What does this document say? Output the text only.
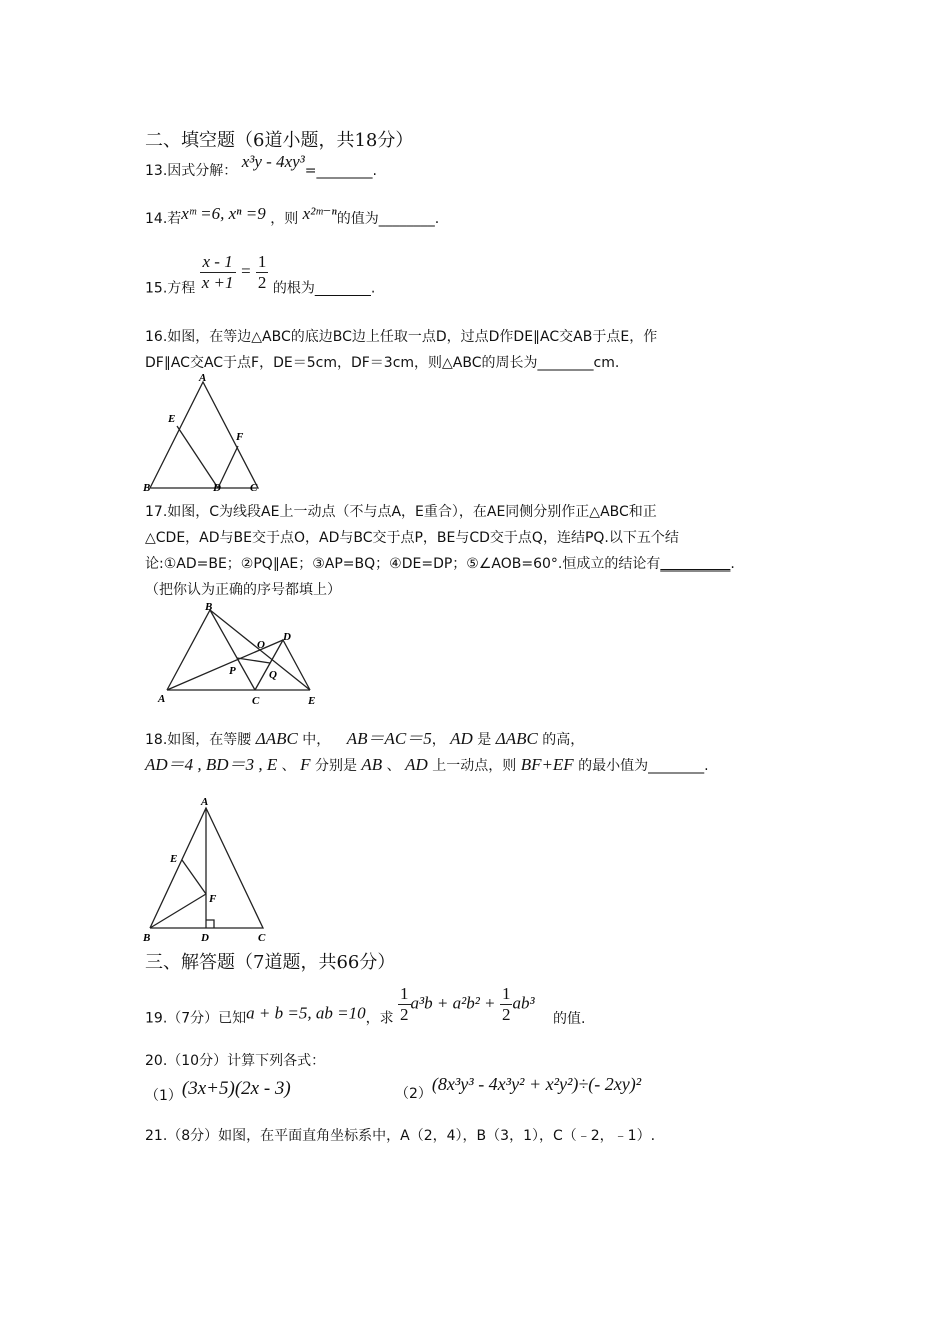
二、填空题（6道小题，共18分）
13.因式分解： x³y - 4xy³=________.
14.若xᵐ =6, xⁿ =9 ，则 x²ᵐ⁻ⁿ的值为________.
15.方程 $\frac{x - 1}{x +1} = \frac{1}{2}$ 的根为________.
16.如图，在等边△ABC的底边BC边上任取一点D，过点D作DE∥AC交AB于点E，作
DF∥AC交AC于点F，DE＝5cm，DF＝3cm，则△ABC的周长为________cm.
A
B	C
D
E
F
17.如图，C为线段AE上一动点（不与点A，E重合），在AE同侧分别作正△ABC和正
△CDE，AD与BE交于点O，AD与BC交于点P，BE与CD交于点Q，连结PQ.以下五个结
论:①AD=BE；②PQ∥AE；③AP=BQ；④DE=DP；⑤∠AOB=60°.恒成立的结论有__________.
（把你认为正确的序号都填上）
A
B
C
D
E
O
P	Q
18.如图，在等腰 ΔABC 中， AB＝AC＝5， AD 是 ΔABC 的高，
AD＝4 , BD＝3 , E 、 F 分别是 AB 、 AD 上一动点，则 BF+EF 的最小值为________.
A
B	C
D
E
F
三、解答题（7道题，共66分）
19.（7分）已知a + b =5, ab =10，求 $\frac{1}{2} a^3b + a^2b^2 + \frac{1}{2} ab^3$ 的值.
20.（10分）计算下列各式：
（1）(3x+5)(2x - 3)	（2）(8x³y³ - 4x³y² + x²y²)÷(- 2xy)²
21.（8分）如图，在平面直角坐标系中，A（2，4），B（3，1），C（﹣2，﹣1）.
